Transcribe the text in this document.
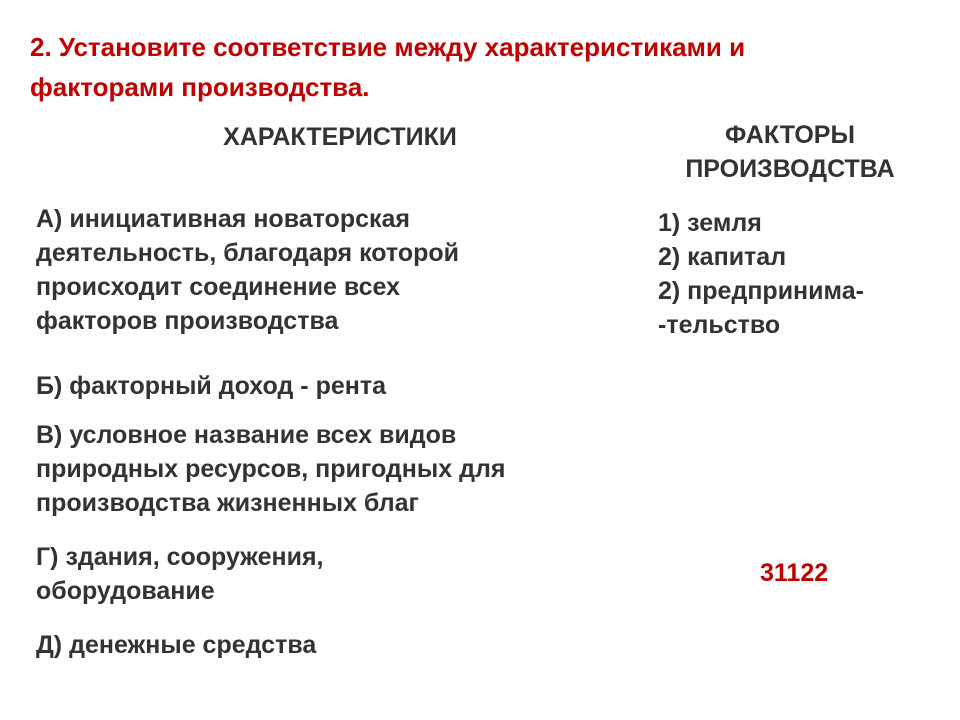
2. Установите соответствие между характеристиками и
факторами производства.
ХАРАКТЕРИСТИКИ	ФАКТОРЫ
ПРОИЗВОДСТВА
А) инициативная новаторская
деятельность, благодаря которой
происходит соединение всех
факторов производства
Б) факторный доход - рента
В) условное название всех видов
природных ресурсов, пригодных для
производства жизненных благ
Г) здания, сооружения,
оборудование
Д) денежные средства
1) земля
2) капитал
2) предпринима-
-тельство
31122
